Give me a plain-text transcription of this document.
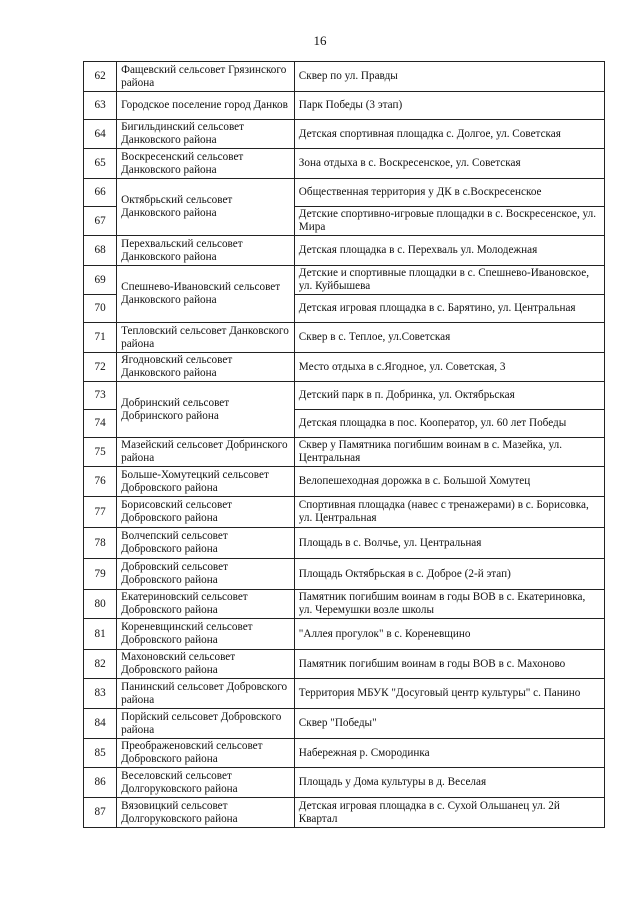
16
62	Фащевский сельсовет Грязинского района	Сквер по ул. Правды
63	Городское поселение город Данков	Парк Победы (3 этап)
64	Бигильдинский сельсовет Данковского района	Детская спортивная площадка с. Долгое, ул. Советская
65	Воскресенский сельсовет Данковского района	Зона отдыха в с. Воскресенское, ул. Советская
66	Октябрьский сельсовет Данковского района	Общественная территория у ДК в с.Воскресенское
67		Детские спортивно-игровые площадки в с. Воскресенское, ул. Мира
68	Перехвальский сельсовет Данковского района	Детская площадка в с. Перехваль ул. Молодежная
69	Спешнево-Ивановский сельсовет Данковского района	Детские и спортивные площадки в с. Спешнево-Ивановское, ул. Куйбышева
70		Детская игровая площадка в с. Барятино, ул. Центральная
71	Тепловский сельсовет Данковского района	Сквер в с. Теплое, ул.Советская
72	Ягодновский сельсовет Данковского района	Место отдыха в с.Ягодное, ул. Советская, 3
73	Добринский сельсовет Добринского района	Детский парк в п. Добринка, ул. Октябрьская
74		Детская площадка в пос. Кооператор, ул. 60 лет Победы
75	Мазейский сельсовет Добринского района	Сквер у Памятника погибшим воинам в с. Мазейка, ул. Центральная
76	Больше-Хомутецкий сельсовет Добровского района	Велопешеходная дорожка в с. Большой Хомутец
77	Борисовский сельсовет Добровского района	Спортивная площадка (навес с тренажерами) в с. Борисовка, ул. Центральная
78	Волчепский сельсовет Добровского района	Площадь в с. Волчье, ул. Центральная
79	Добровский сельсовет Добровского района	Площадь Октябрьская в с. Доброе (2-й этап)
80	Екатериновский сельсовет Добровского района	Памятник погибшим воинам в годы ВОВ в с. Екатериновка, ул. Черемушки возле школы
81	Кореневщинский сельсовет Добровского района	"Аллея прогулок" в с. Кореневщино
82	Махоновский сельсовет Добровского района	Памятник погибшим воинам в годы ВОВ в с. Махоново
83	Панинский сельсовет Добровского района	Территория МБУК "Досуговый центр культуры" с. Панино
84	Порйский сельсовет Добровского района	Сквер "Победы"
85	Преображеновский сельсовет Добровского района	Набережная р. Смородинка
86	Веселовский сельсовет Долгоруковского района	Площадь у Дома культуры в д. Веселая
87	Вязовицкий сельсовет Долгоруковского района	Детская игровая площадка в с. Сухой Ольшанец ул. 2й Квартал
